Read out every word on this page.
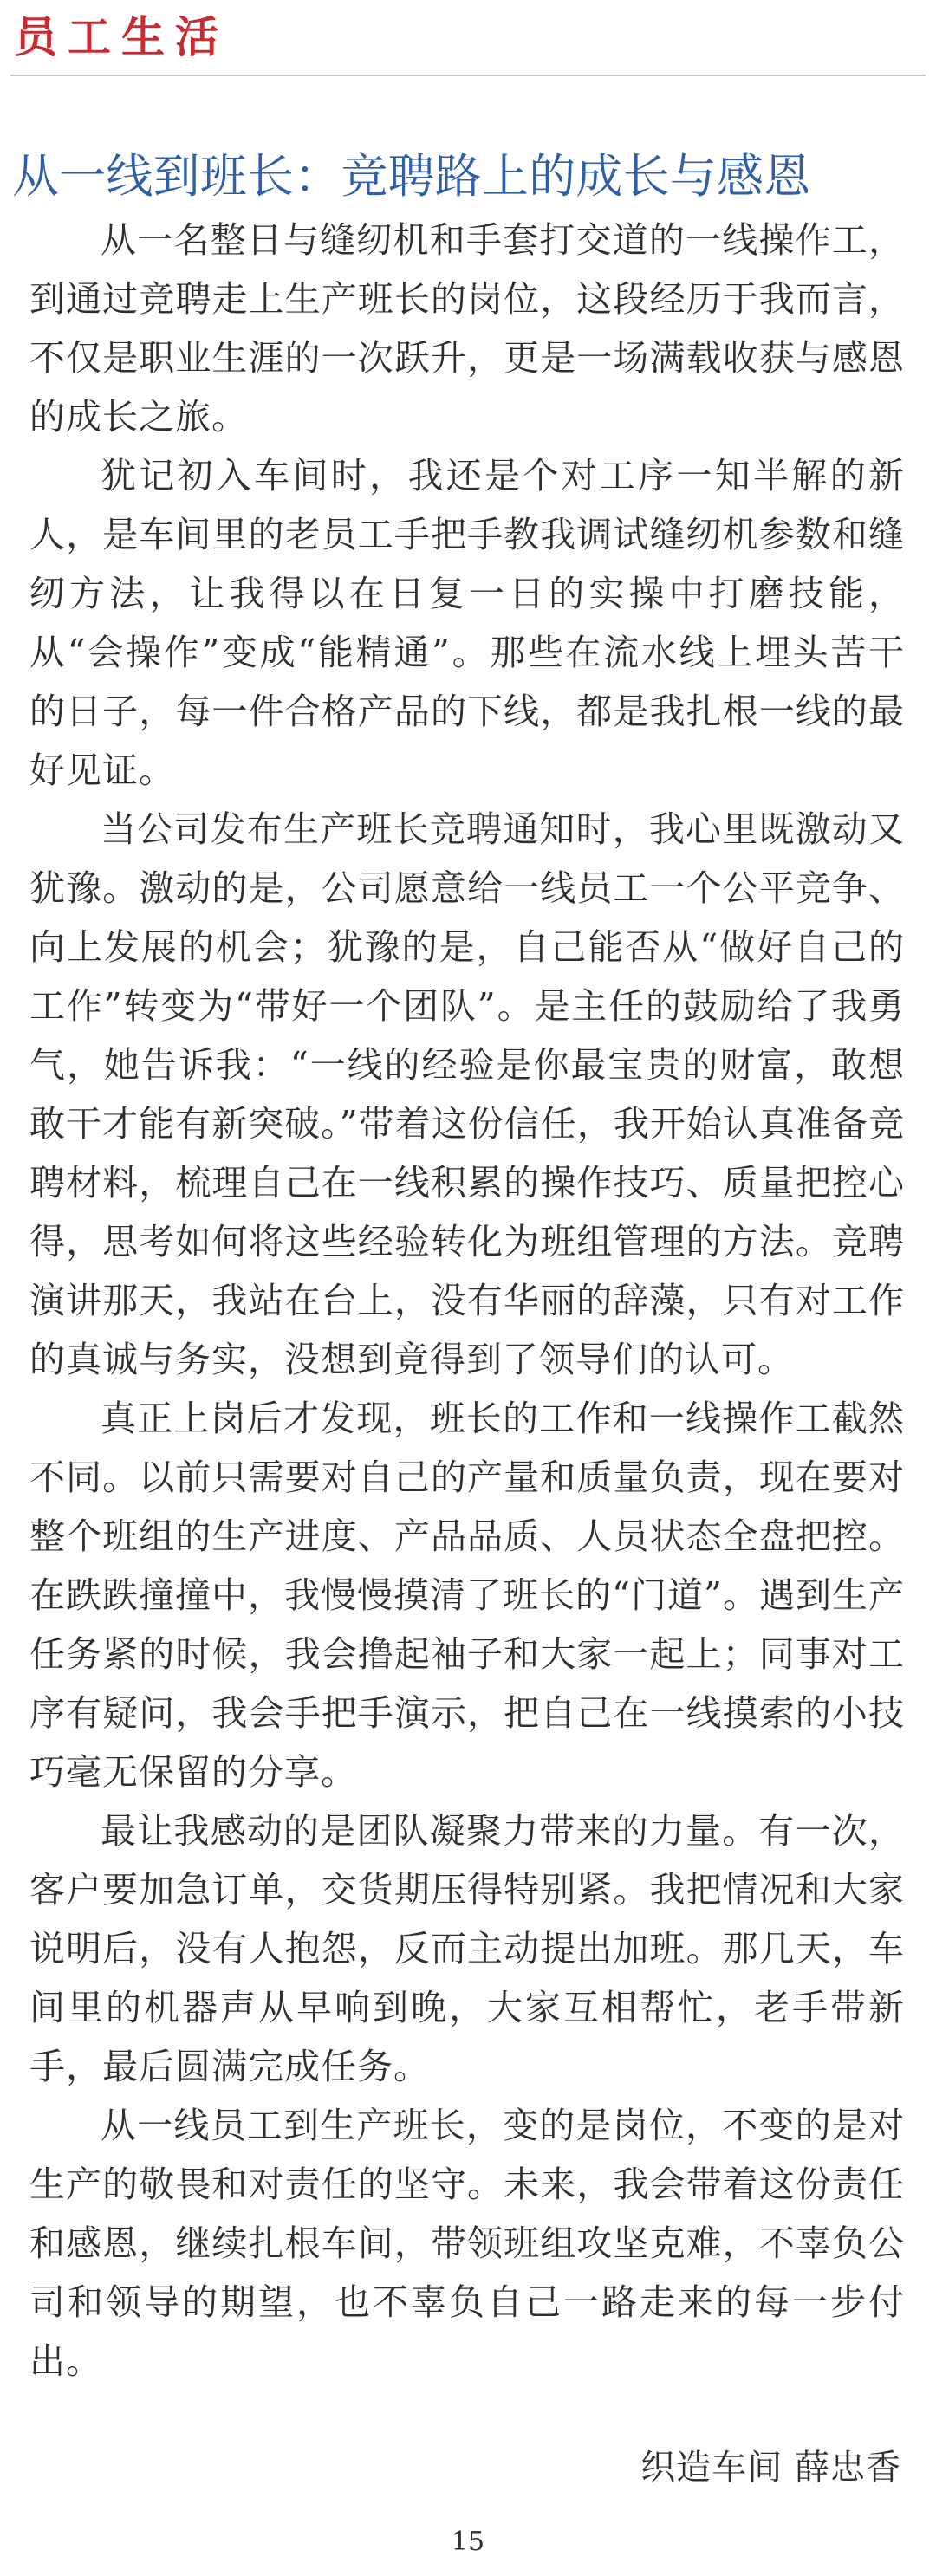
员工生活
从一线到班长：竞聘路上的成长与感恩

从一名整日与缝纫机和手套打交道的一线操作工，到通过竞聘走上生产班长的岗位，这段经历于我而言，不仅是职业生涯的一次跃升，更是一场满载收获与感恩的成长之旅。

犹记初入车间时，我还是个对工序一知半解的新人，是车间里的老员工手把手教我调试缝纫机参数和缝纫方法，让我得以在日复一日的实操中打磨技能，从“会操作”变成“能精通”。那些在流水线上埋头苦干的日子，每一件合格产品的下线，都是我扎根一线的最好见证。

当公司发布生产班长竞聘通知时，我心里既激动又犹豫。激动的是，公司愿意给一线员工一个公平竞争、向上发展的机会；犹豫的是，自己能否从“做好自己的工作”转变为“带好一个团队”。是主任的鼓励给了我勇气，她告诉我：“一线的经验是你最宝贵的财富，敢想敢干才能有新突破。”带着这份信任，我开始认真准备竞聘材料，梳理自己在一线积累的操作技巧、质量把控心得，思考如何将这些经验转化为班组管理的方法。竞聘演讲那天，我站在台上，没有华丽的辞藻，只有对工作的真诚与务实，没想到竟得到了领导们的认可。

真正上岗后才发现，班长的工作和一线操作工截然不同。以前只需要对自己的产量和质量负责，现在要对整个班组的生产进度、产品品质、人员状态全盘把控。在跌跌撞撞中，我慢慢摸清了班长的“门道”。遇到生产任务紧的时候，我会撸起袖子和大家一起上；同事对工序有疑问，我会手把手演示，把自己在一线摸索的小技巧毫无保留的分享。

最让我感动的是团队凝聚力带来的力量。有一次，客户要加急订单，交货期压得特别紧。我把情况和大家说明后，没有人抱怨，反而主动提出加班。那几天，车间里的机器声从早响到晚，大家互相帮忙，老手带新手，最后圆满完成任务。

从一线员工到生产班长，变的是岗位，不变的是对生产的敬畏和对责任的坚守。未来，我会带着这份责任和感恩，继续扎根车间，带领班组攻坚克难，不辜负公司和领导的期望，也不辜负自己一路走来的每一步付出。

织造车间 薛忠香
15
